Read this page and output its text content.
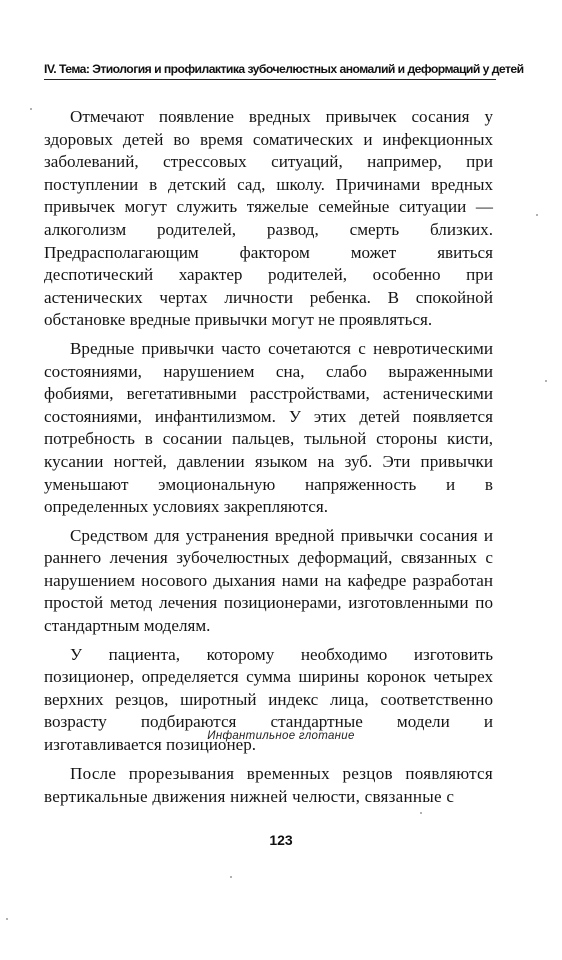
IV. Тема: Этиология и профилактика зубочелюстных аномалий и деформаций у детей

Отмечают появление вредных привычек сосания у здоровых детей во время соматических и инфекционных заболеваний, стрессовых ситуаций, например, при поступлении в детский сад, школу. Причинами вредных привычек могут служить тяжелые семейные ситуации — алкоголизм родителей, развод, смерть близких. Предрасполагающим фактором может явиться деспотический характер родителей, особенно при астенических чертах личности ребенка. В спокойной обстановке вредные привычки могут не проявляться.

Вредные привычки часто сочетаются с невротическими состояниями, нарушением сна, слабо выраженными фобиями, вегетативными расстройствами, астеническими состояниями, инфантилизмом. У этих детей появляется потребность в сосании пальцев, тыльной стороны кисти, кусании ногтей, давлении языком на зуб. Эти привычки уменьшают эмоциональную напряженность и в определенных условиях закрепляются.

Средством для устранения вредной привычки сосания и раннего лечения зубочелюстных деформаций, связанных с нарушением носового дыхания нами на кафедре разработан простой метод лечения позиционерами, изготовленными по стандартным моделям.

У пациента, которому необходимо изготовить позиционер, определяется сумма ширины коронок четырех верхних резцов, широтный индекс лица, соответственно возрасту подбираются стандартные модели и изготавливается позиционер.

Инфантильное глотание

После прорезывания временных резцов появляются вертикальные движения нижней челюсти, связанные с

123
